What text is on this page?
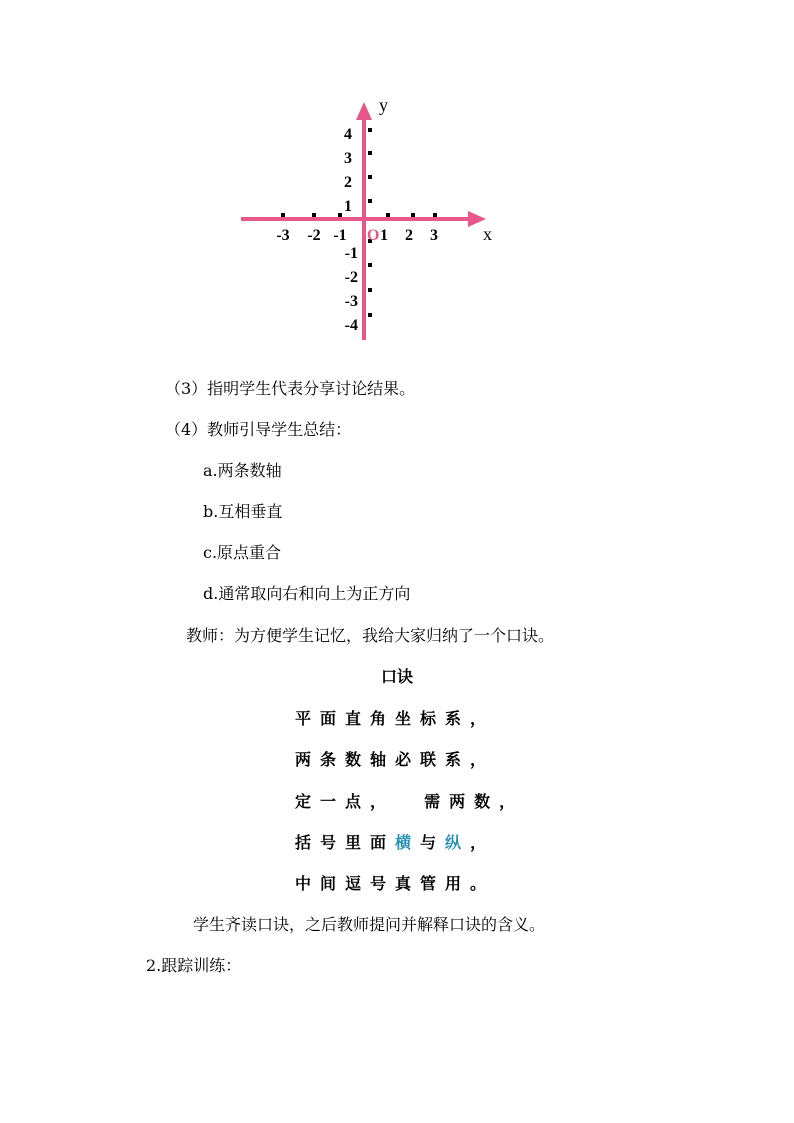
x
y
O
-3 -2 -1 1 2 3
4
3
2
1
-1
-2
-3
-4
（3）指明学生代表分享讨论结果。
（4）教师引导学生总结：
a.两条数轴
b.互相垂直
c.原点重合
d.通常取向右和向上为正方向
教师：为方便学生记忆，我给大家归纳了一个口诀。
口诀
平面直角坐标系，
两条数轴必联系，
定一点，  需两数，
括号里面横与纵，
中间逗号真管用。
学生齐读口诀，之后教师提问并解释口诀的含义。
2.跟踪训练：
